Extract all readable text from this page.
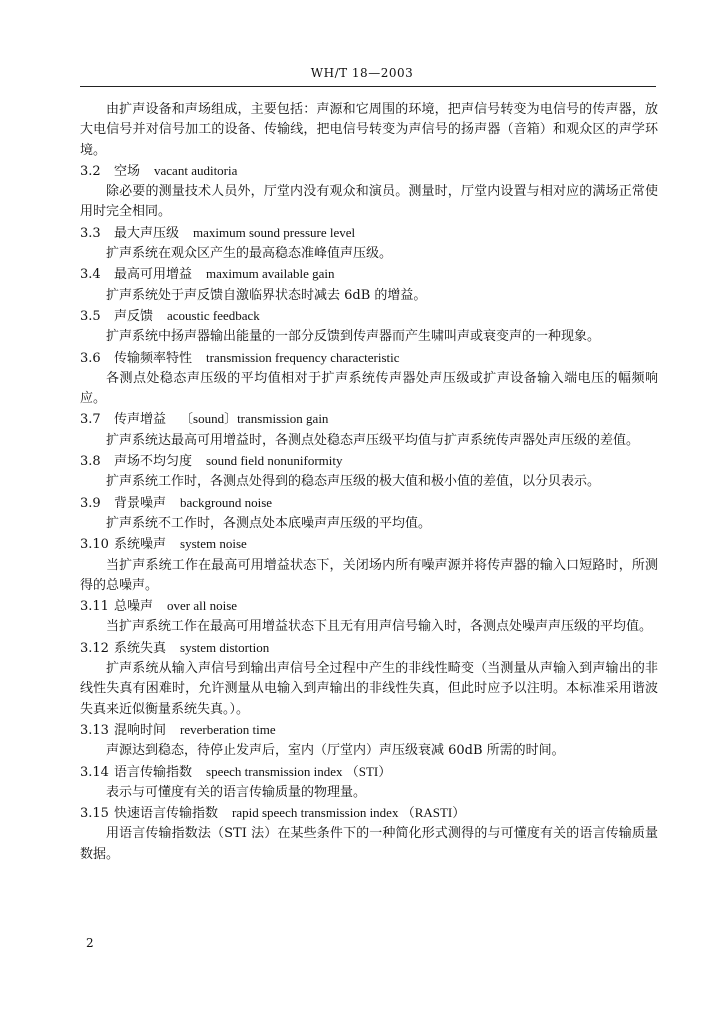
WH/T 18—2003
由扩声设备和声场组成，主要包括：声源和它周围的环境，把声信号转变为电信号的传声器，放大电信号并对信号加工的设备、传输线，把电信号转变为声信号的扬声器（音箱）和观众区的声学环境。
3.2 空场 vacant auditoria
除必要的测量技术人员外，厅堂内没有观众和演员。测量时，厅堂内设置与相对应的满场正常使用时完全相同。
3.3 最大声压级 maximum sound pressure level
扩声系统在观众区产生的最高稳态准峰值声压级。
3.4 最高可用增益 maximum available gain
扩声系统处于声反馈自激临界状态时减去 6dB 的增益。
3.5 声反馈 acoustic feedback
扩声系统中扬声器输出能量的一部分反馈到传声器而产生啸叫声或衰变声的一种现象。
3.6 传输频率特性 transmission frequency characteristic
各测点处稳态声压级的平均值相对于扩声系统传声器处声压级或扩声设备输入端电压的幅频响应。
3.7 传声增益 〔sound〕transmission gain
扩声系统达最高可用增益时，各测点处稳态声压级平均值与扩声系统传声器处声压级的差值。
3.8 声场不均匀度 sound field nonuniformity
扩声系统工作时，各测点处得到的稳态声压级的极大值和极小值的差值，以分贝表示。
3.9 背景噪声 background noise
扩声系统不工作时，各测点处本底噪声声压级的平均值。
3.10 系统噪声 system noise
当扩声系统工作在最高可用增益状态下，关闭场内所有噪声源并将传声器的输入口短路时，所测得的总噪声。
3.11 总噪声 over all noise
当扩声系统工作在最高可用增益状态下且无有用声信号输入时，各测点处噪声声压级的平均值。
3.12 系统失真 system distortion
扩声系统从输入声信号到输出声信号全过程中产生的非线性畸变（当测量从声输入到声输出的非线性失真有困难时，允许测量从电输入到声输出的非线性失真，但此时应予以注明。本标准采用谐波失真来近似衡量系统失真。）。
3.13 混响时间 reverberation time
声源达到稳态，待停止发声后，室内（厅堂内）声压级衰减 60dB 所需的时间。
3.14 语言传输指数 speech transmission index （STI）
表示与可懂度有关的语言传输质量的物理量。
3.15 快速语言传输指数 rapid speech transmission index （RASTI）
用语言传输指数法（STI 法）在某些条件下的一种简化形式测得的与可懂度有关的语言传输质量数据。
2
